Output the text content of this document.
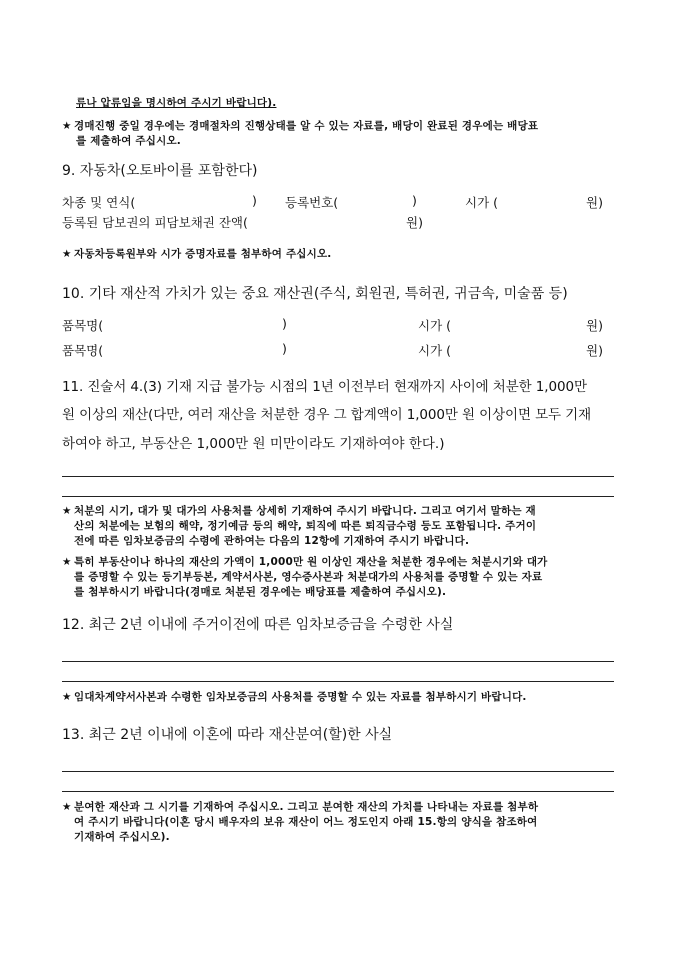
류나 압류임을 명시하여 주시기 바랍니다).
★ 경매진행 중일 경우에는 경매절차의 진행상태를 알 수 있는 자료를, 배당이 완료된 경우에는 배당표
를 제출하여 주십시오.
9. 자동차(오토바이를 포함한다)
차종 및 연식(	) 등록번호(	)	시가 (	원)
등록된 담보권의 피담보채권 잔액(	원)
★ 자동차등록원부와 시가 증명자료를 첨부하여 주십시오.
10. 기타 재산적 가치가 있는 중요 재산권(주식, 회원권, 특허권, 귀금속, 미술품 등)
품목명(	)	시가 (	원)
품목명(	)	시가 (	원)
11. 진술서 4.(3) 기재 지급 불가능 시점의 1년 이전부터 현재까지 사이에 처분한 1,000만
원 이상의 재산(다만, 여러 재산을 처분한 경우 그 합계액이 1,000만 원 이상이면 모두 기재
하여야 하고, 부동산은 1,000만 원 미만이라도 기재하여야 한다.)
★ 처분의 시기, 대가 및 대가의 사용처를 상세히 기재하여 주시기 바랍니다. 그리고 여기서 말하는 재
산의 처분에는 보험의 해약, 정기예금 등의 해약, 퇴직에 따른 퇴직금수령 등도 포함됩니다. 주거이
전에 따른 임차보증금의 수령에 관하여는 다음의 12항에 기재하여 주시기 바랍니다.
★ 특히 부동산이나 하나의 재산의 가액이 1,000만 원 이상인 재산을 처분한 경우에는 처분시기와 대가
를 증명할 수 있는 등기부등본, 계약서사본, 영수증사본과 처분대가의 사용처를 증명할 수 있는 자료
를 첨부하시기 바랍니다(경매로 처분된 경우에는 배당표를 제출하여 주십시오).
12. 최근 2년 이내에 주거이전에 따른 임차보증금을 수령한 사실
★ 임대차계약서사본과 수령한 임차보증금의 사용처를 증명할 수 있는 자료를 첨부하시기 바랍니다.
13. 최근 2년 이내에 이혼에 따라 재산분여(할)한 사실
★ 분여한 재산과 그 시기를 기재하여 주십시오. 그리고 분여한 재산의 가치를 나타내는 자료를 첨부하
여 주시기 바랍니다(이혼 당시 배우자의 보유 재산이 어느 정도인지 아래 15.항의 양식을 참조하여
기재하여 주십시오).
